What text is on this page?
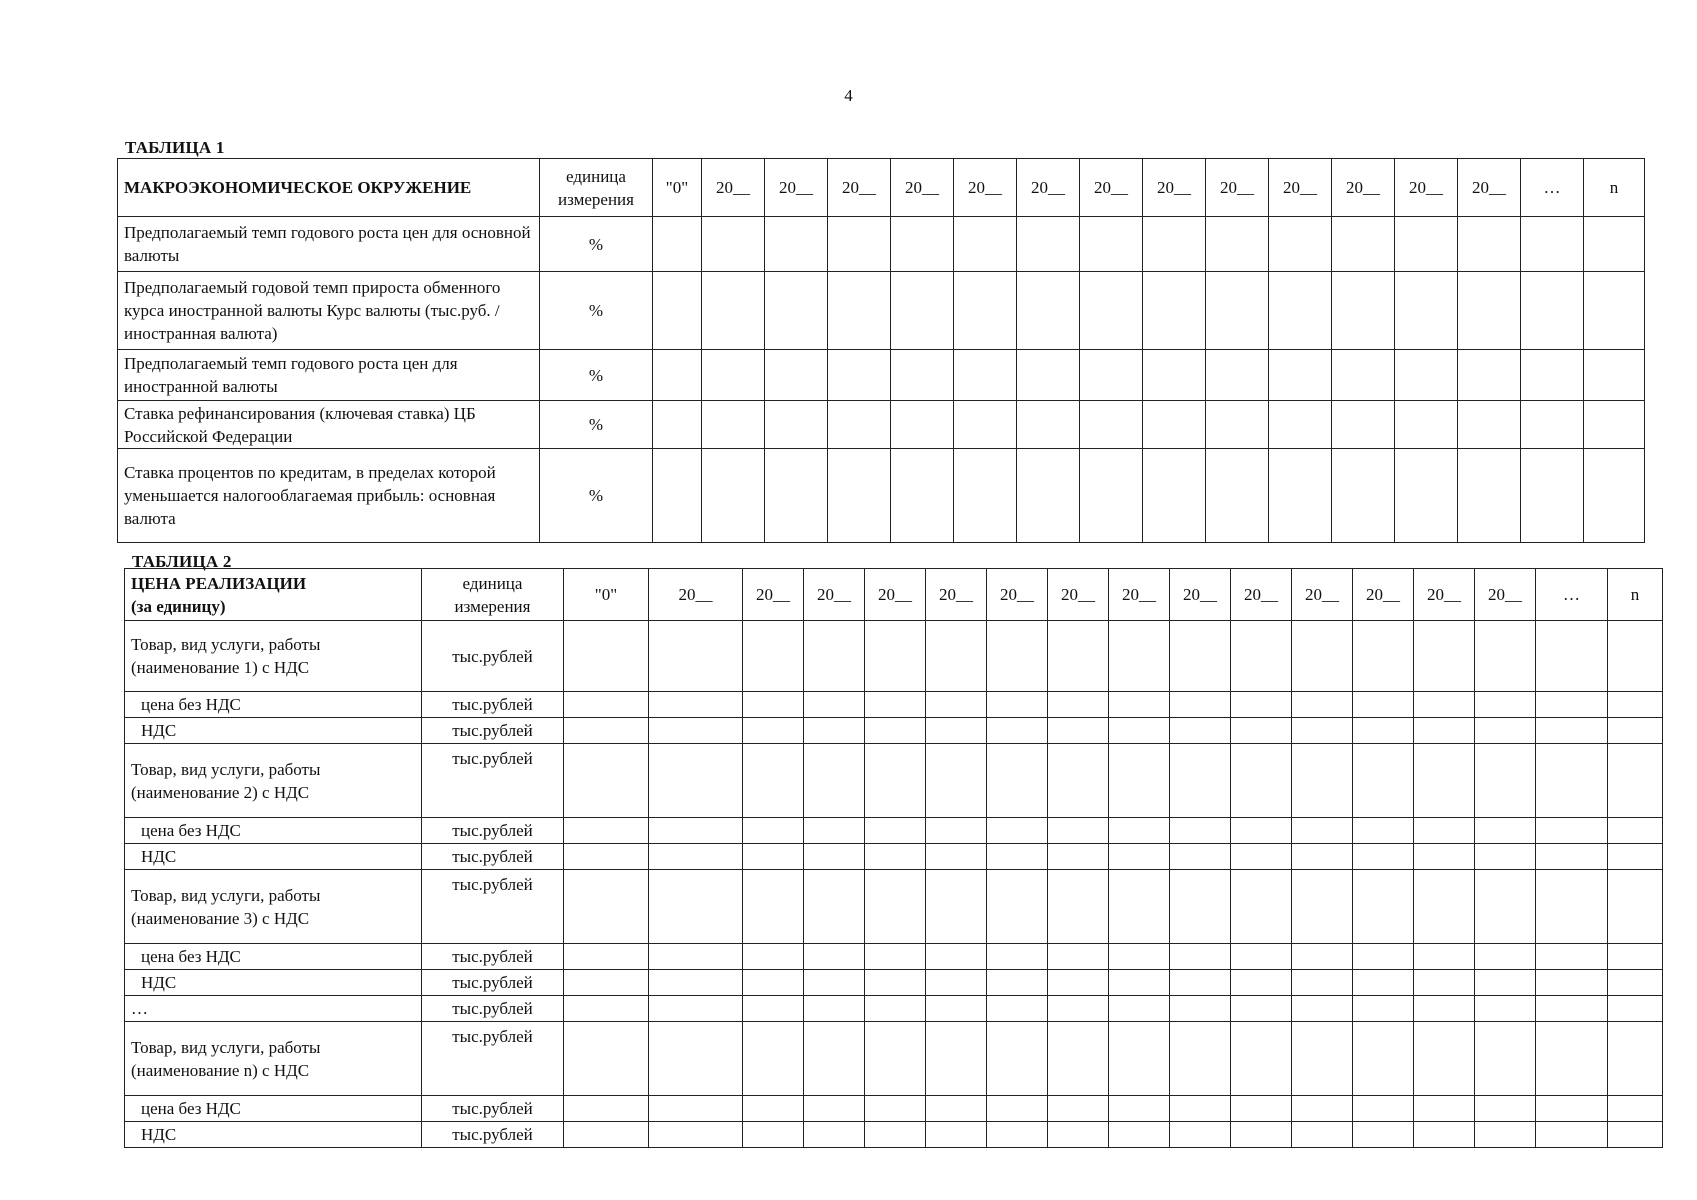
4
ТАБЛИЦА 1
МАКРОЭКОНОМИЧЕСКОЕ ОКРУЖЕНИЕ	единица измерения	"0"	20__	20__	20__	20__	20__	20__	20__	20__	20__	20__	20__	20__	20__	…	n
Предполагаемый темп годового роста цен для основной валюты	%																
Предполагаемый годовой темп прироста обменного курса иностранной валюты Курс валюты (тыс.руб. /иностранная валюта)	%																
Предполагаемый темп годового роста цен для иностранной валюты	%																
Ставка рефинансирования (ключевая ставка) ЦБ Российской Федерации	%																
Ставка процентов по кредитам, в пределах которой уменьшается налогооблагаемая прибыль: основная валюта	%																
ТАБЛИЦА 2
ЦЕНА РЕАЛИЗАЦИИ
(за единицу)	единица измерения	"0"	20__	20__	20__	20__	20__	20__	20__	20__	20__	20__	20__	20__	20__	20__	…	n
Товар, вид услуги, работы (наименование 1) с НДС	тыс.рублей																	
цена без НДС	тыс.рублей																	
НДС	тыс.рублей																	
Товар, вид услуги, работы (наименование 2) с НДС	тыс.рублей																	
цена без НДС	тыс.рублей																	
НДС	тыс.рублей																	
Товар, вид услуги, работы (наименование 3) с НДС	тыс.рублей																	
цена без НДС	тыс.рублей																	
НДС	тыс.рублей																	
…	тыс.рублей																	
Товар, вид услуги, работы (наименование n) с НДС	тыс.рублей																	
цена без НДС	тыс.рублей																	
НДС	тыс.рублей																	
